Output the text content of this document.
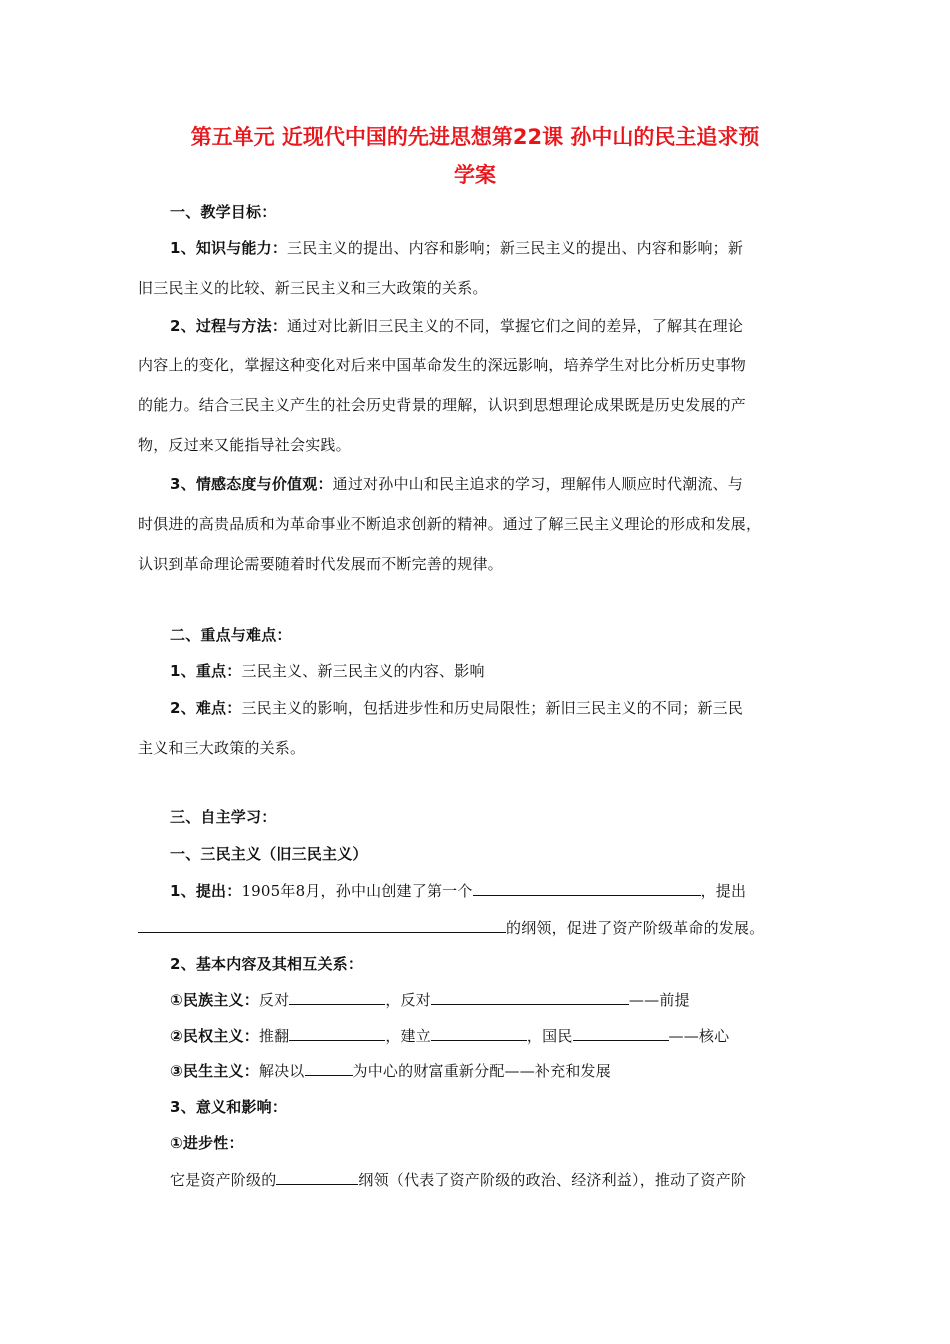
第五单元 近现代中国的先进思想第22课 孙中山的民主追求预
学案
一、教学目标：
1、知识与能力：三民主义的提出、内容和影响；新三民主义的提出、内容和影响；新
旧三民主义的比较、新三民主义和三大政策的关系。
2、过程与方法：通过对比新旧三民主义的不同，掌握它们之间的差异，了解其在理论
内容上的变化，掌握这种变化对后来中国革命发生的深远影响，培养学生对比分析历史事物
的能力。结合三民主义产生的社会历史背景的理解，认识到思想理论成果既是历史发展的产
物，反过来又能指导社会实践。
3、情感态度与价值观：通过对孙中山和民主追求的学习，理解伟人顺应时代潮流、与
时俱进的高贵品质和为革命事业不断追求创新的精神。通过了解三民主义理论的形成和发展，
认识到革命理论需要随着时代发展而不断完善的规律。
二、重点与难点：
1、重点：三民主义、新三民主义的内容、影响
2、难点：三民主义的影响，包括进步性和历史局限性；新旧三民主义的不同；新三民
主义和三大政策的关系。
三、自主学习：
一、三民主义（旧三民主义）
1、提出：1905年8月，孙中山创建了第一个	，提出
的纲领，促进了资产阶级革命的发展。
2、基本内容及其相互关系：
①民族主义：反对	，反对	——前提
②民权主义：推翻	，建立	，国民	——核心
③民生主义：解决以	为中心的财富重新分配——补充和发展
3、意义和影响：
①进步性：
它是资产阶级的	纲领（代表了资产阶级的政治、经济利益），推动了资产阶
